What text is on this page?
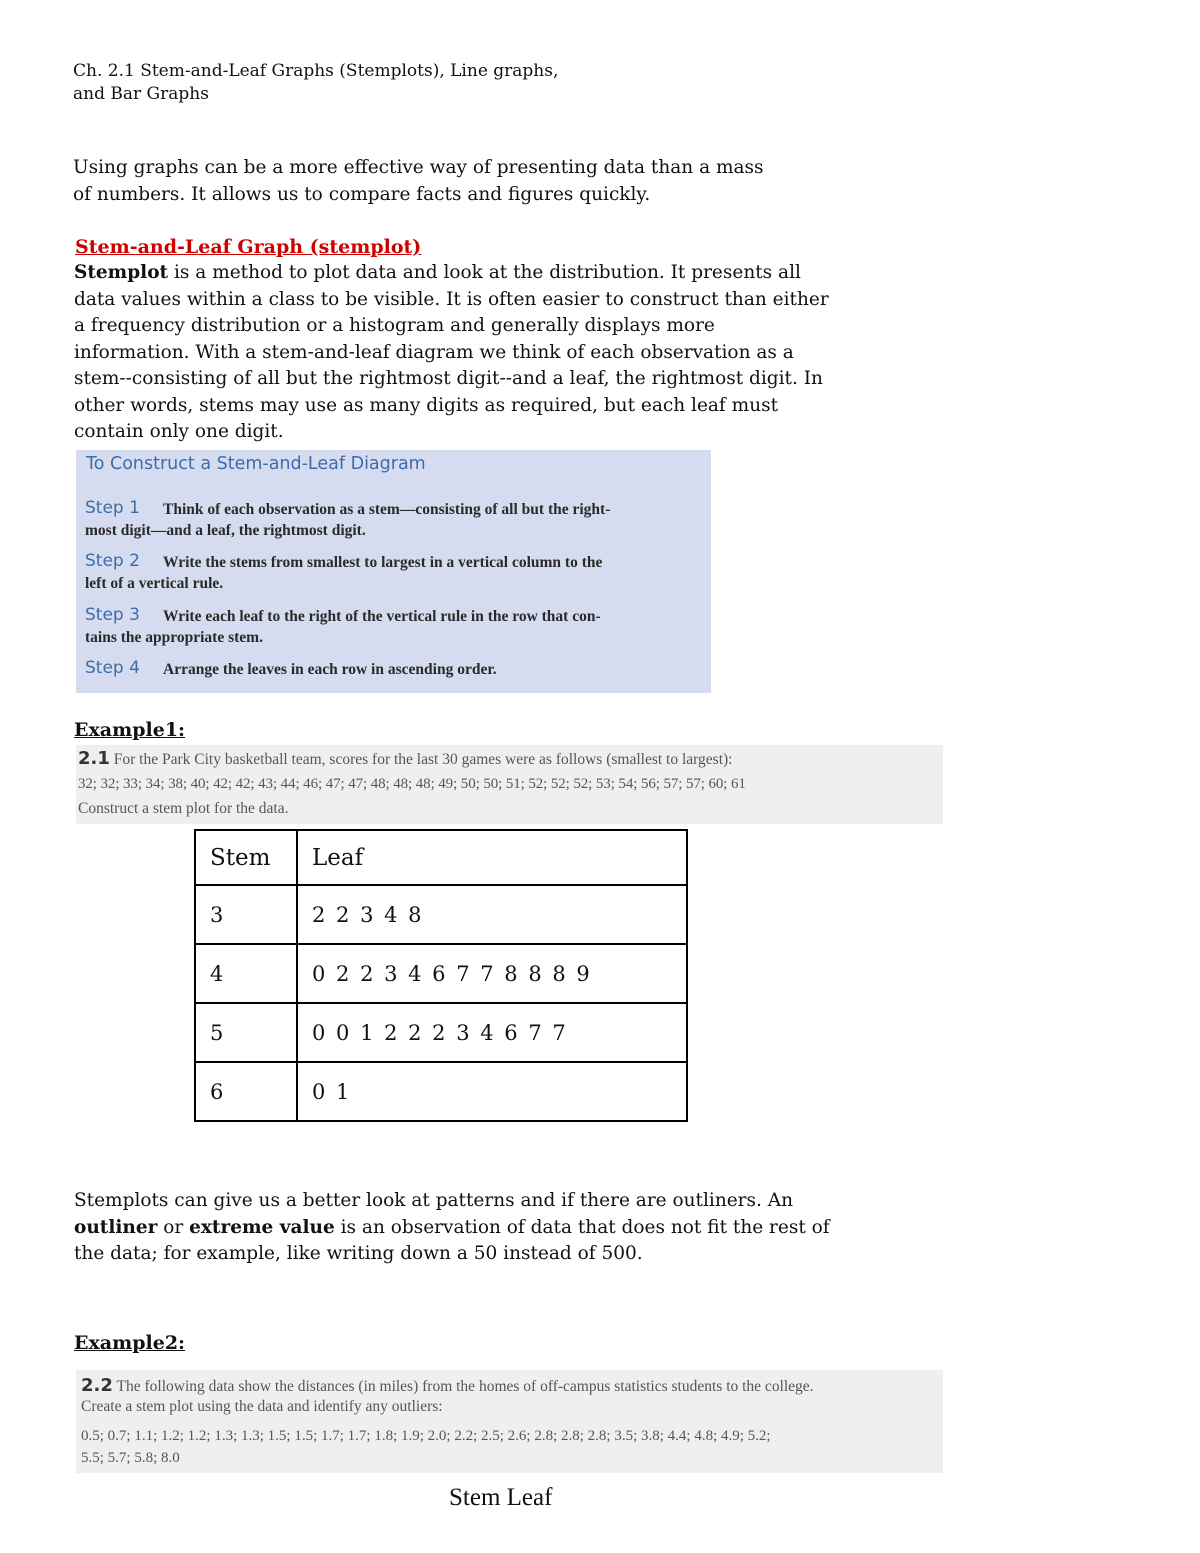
Ch. 2.1 Stem-and-Leaf Graphs (Stemplots), Line graphs,
and Bar Graphs
Using graphs can be a more effective way of presenting data than a mass
of numbers. It allows us to compare facts and figures quickly.
Stem-and-Leaf Graph (stemplot)
Stemplot is a method to plot data and look at the distribution. It presents all
data values within a class to be visible. It is often easier to construct than either
a frequency distribution or a histogram and generally displays more
information. With a stem-and-leaf diagram we think of each observation as a
stem--consisting of all but the rightmost digit--and a leaf, the rightmost digit. In
other words, stems may use as many digits as required, but each leaf must
contain only one digit.
To Construct a Stem-and-Leaf Diagram
Step 1 Think of each observation as a stem—consisting of all but the right-
most digit—and a leaf, the rightmost digit.
Step 2 Write the stems from smallest to largest in a vertical column to the
left of a vertical rule.
Step 3 Write each leaf to the right of the vertical rule in the row that con-
tains the appropriate stem.
Step 4 Arrange the leaves in each row in ascending order.
Example1:
2.1 For the Park City basketball team, scores for the last 30 games were as follows (smallest to largest):
32; 32; 33; 34; 38; 40; 42; 42; 43; 44; 46; 47; 47; 48; 48; 48; 49; 50; 50; 51; 52; 52; 52; 53; 54; 56; 57; 57; 60; 61
Construct a stem plot for the data.
Stem	Leaf
3	2 2 3 4 8
4	0 2 2 3 4 6 7 7 8 8 8 9
5	0 0 1 2 2 2 3 4 6 7 7
6	0 1
Stemplots can give us a better look at patterns and if there are outliners. An
outliner or extreme value is an observation of data that does not fit the rest of
the data; for example, like writing down a 50 instead of 500.
Example2:
2.2 The following data show the distances (in miles) from the homes of off-campus statistics students to the college.
Create a stem plot using the data and identify any outliers:
0.5; 0.7; 1.1; 1.2; 1.2; 1.3; 1.3; 1.5; 1.5; 1.7; 1.7; 1.8; 1.9; 2.0; 2.2; 2.5; 2.6; 2.8; 2.8; 2.8; 3.5; 3.8; 4.4; 4.8; 4.9; 5.2;
5.5; 5.7; 5.8; 8.0
Stem Leaf
